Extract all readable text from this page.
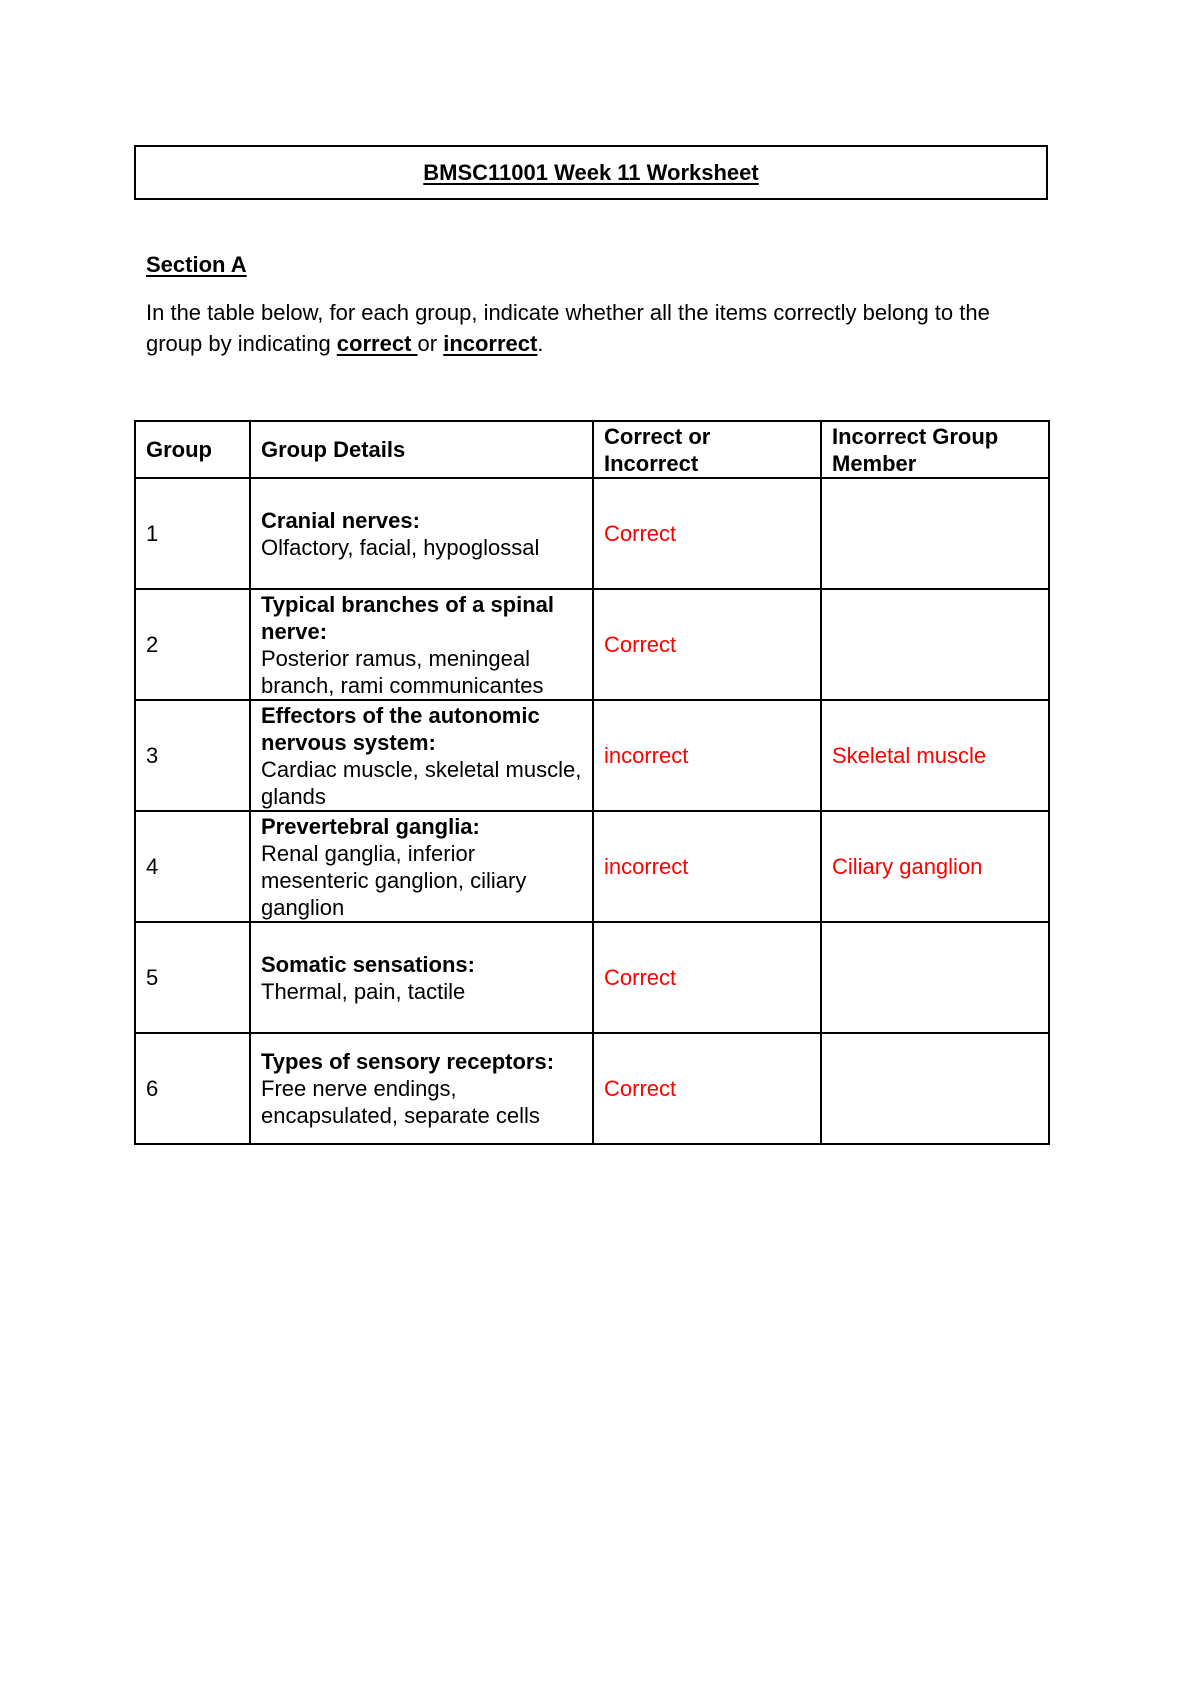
BMSC11001 Week 11 Worksheet
Section A
In the table below, for each group, indicate whether all the items correctly belong to the group by indicating correct or incorrect.
Group	Group Details	Correct or Incorrect	Incorrect Group Member
1	Cranial nerves:
Olfactory, facial, hypoglossal	Correct	
2	Typical branches of a spinal nerve:
Posterior ramus, meningeal branch, rami communicantes	Correct	
3	Effectors of the autonomic nervous system:
Cardiac muscle, skeletal muscle, glands	incorrect	Skeletal muscle
4	Prevertebral ganglia:
Renal ganglia, inferior mesenteric ganglion, ciliary ganglion	incorrect	Ciliary ganglion
5	Somatic sensations:
Thermal, pain, tactile	Correct	
6	Types of sensory receptors:
Free nerve endings, encapsulated, separate cells	Correct	
